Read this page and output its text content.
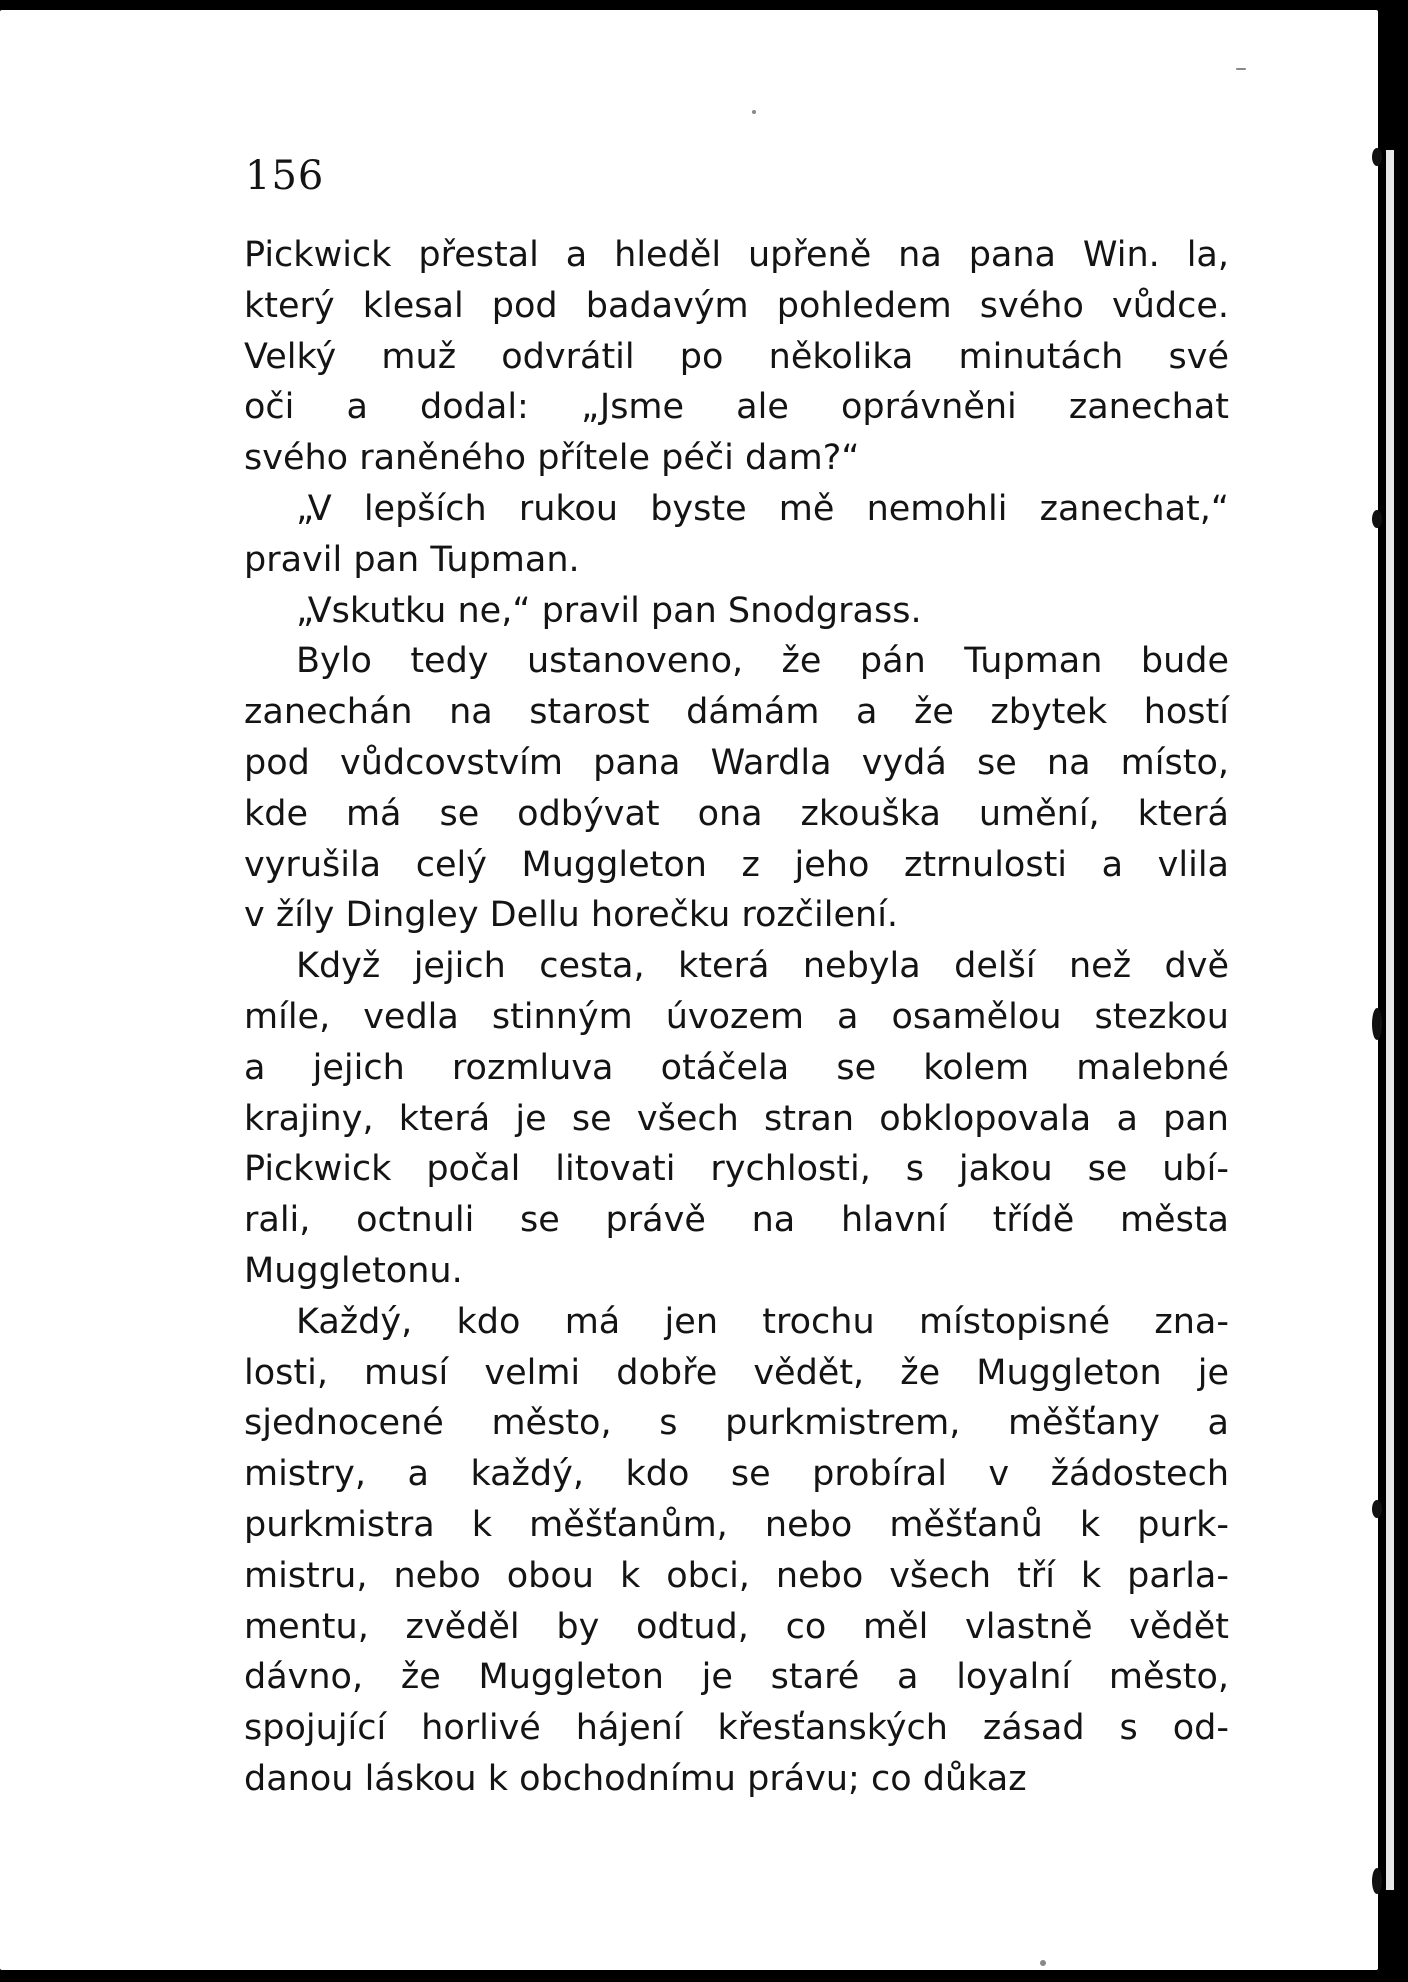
156
Pickwick přestal a hleděl upřeně na pana Win. la,
který klesal pod badavým pohledem svého vůdce.
Velký muž odvrátil po několika minutách své
oči a dodal: „Jsme ale oprávněni zanechat
svého raněného přítele péči dam?“
„V lepších rukou byste mě nemohli zanechat,“
pravil pan Tupman.
„Vskutku ne,“ pravil pan Snodgrass.
Bylo tedy ustanoveno, že pán Tupman bude
zanechán na starost dámám a že zbytek hostí
pod vůdcovstvím pana Wardla vydá se na místo,
kde má se odbývat ona zkouška umění, která
vyrušila celý Muggleton z jeho ztrnulosti a vlila
v žíly Dingley Dellu horečku rozčilení.
Když jejich cesta, která nebyla delší než dvě
míle, vedla stinným úvozem a osamělou stezkou
a jejich rozmluva otáčela se kolem malebné
krajiny, která je se všech stran obklopovala a pan
Pickwick počal litovati rychlosti, s jakou se ubí-
rali, octnuli se právě na hlavní třídě města
Muggletonu.
Každý, kdo má jen trochu místopisné zna-
losti, musí velmi dobře vědět, že Muggleton je
sjednocené město, s purkmistrem, měšťany a
mistry, a každý, kdo se probíral v žádostech
purkmistra k měšťanům, nebo měšťanů k purk-
mistru, nebo obou k obci, nebo všech tří k parla-
mentu, zvěděl by odtud, co měl vlastně vědět
dávno, že Muggleton je staré a loyalní město,
spojující horlivé hájení křesťanských zásad s od-
danou láskou k obchodnímu právu; co důkaz
